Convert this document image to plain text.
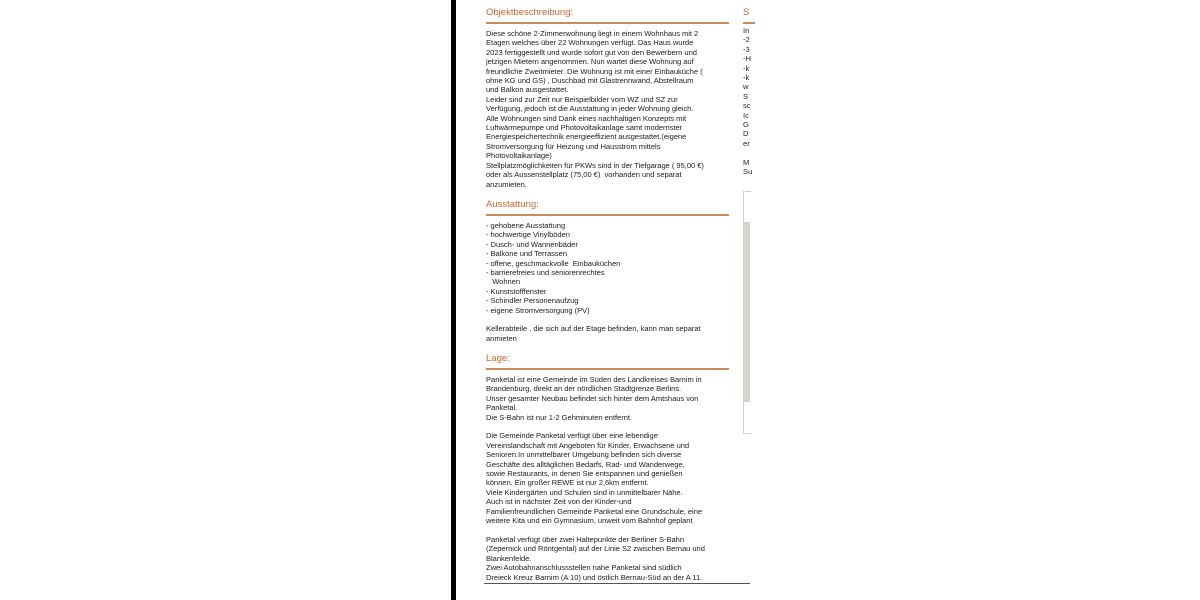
Objektbeschreibung:

Diese schöne 2-Zimmerwohnung liegt in einem Wohnhaus mit 2
Etagen welches über 22 Wohnungen verfügt. Das Haus wurde
2023 fertiggestellt und wurde sofort gut von den Bewerbern und
jetzigen Mietern angenommen. Nun wartet diese Wohnung auf
freundliche Zweitmieter. Die Wohnung ist mit einer Einbauküche (
ohne KG und GS) , Duschbad mit Glastrennwand, Abstellraum
und Balkon ausgestattet.
Leider sind zur Zeit nur Beispielbilder vom WZ und SZ zur
Verfügung, jedoch ist die Ausstattung in jeder Wohnung gleich.
Alle Wohnungen sind Dank eines nachhaltigen Konzepts mit
Luftwärmepumpe und Photovoltaikanlage samt modernster
Energiespeichertechnik energieeffizient ausgestattet.(eigene
Stromversorgung für Heizung und Hausstrom mittels
Photovoltaikanlage)
Stellplatzmöglichkeiten für PKWs sind in der Tiefgarage ( 95,00 €)
oder als Aussenstellplatz (75,00 €)  vorhanden und separat
anzumieten.

Ausstattung:

- gehobene Ausstattung
- hochwertige Vinylböden
- Dusch- und Wannenbäder
- Balkone und Terrassen
- offene, geschmackvolle  Einbauküchen
- barrierefreies und seniorenrechtes
Wohnen
- Kunststofffenster
- Schindler Personenaufzug
- eigene Stromversorgung (PV)

Kellerabteile , die sich auf der Etage befinden, kann man separat
anmieten

Lage:

Panketal ist eine Gemeinde im Süden des Landkreises Barnim in
Brandenburg, direkt an der nördlichen Stadtgrenze Berlins.
Unser gesamter Neubau befindet sich hinter dem Amtshaus von
Panketal.
Die S-Bahn ist nur 1-2 Gehminuten entfernt.

Die Gemeinde Panketal verfügt über eine lebendige
Vereinslandschaft mit Angeboten für Kinder, Erwachsene und
Senioren.In unmittelbarer Umgebung befinden sich diverse
Geschäfte des alltäglichen Bedarfs, Rad- und Wanderwege,
sowie Restaurants, in denen Sie entspannen und genießen
können. Ein großer REWE ist nur 2,6km entfernt.
Viele Kindergärten und Schulen sind in unmittelbarer Nähe.
Auch ist in nächster Zeit von der Kinder-und
Familienfreundlichen Gemeinde Panketal eine Grundschule, eine
weitere Kita und ein Gymnasium, unweit vom Bahnhof geplant

Panketal verfügt über zwei Haltepunkte der Berliner S-Bahn
(Zepernick und Röntgental) auf der Linie S2 zwischen Bernau und
Blankenfelde.
Zwei Autobahnanschlussstellen nahe Panketal sind südlich
Dreieck Kreuz Barnim (A 10) und östlich Bernau-Süd an der A 11.

S
In
-2
-3
-H
-k
-k
w
S
sc
Ic
G
D
er
M
Su
